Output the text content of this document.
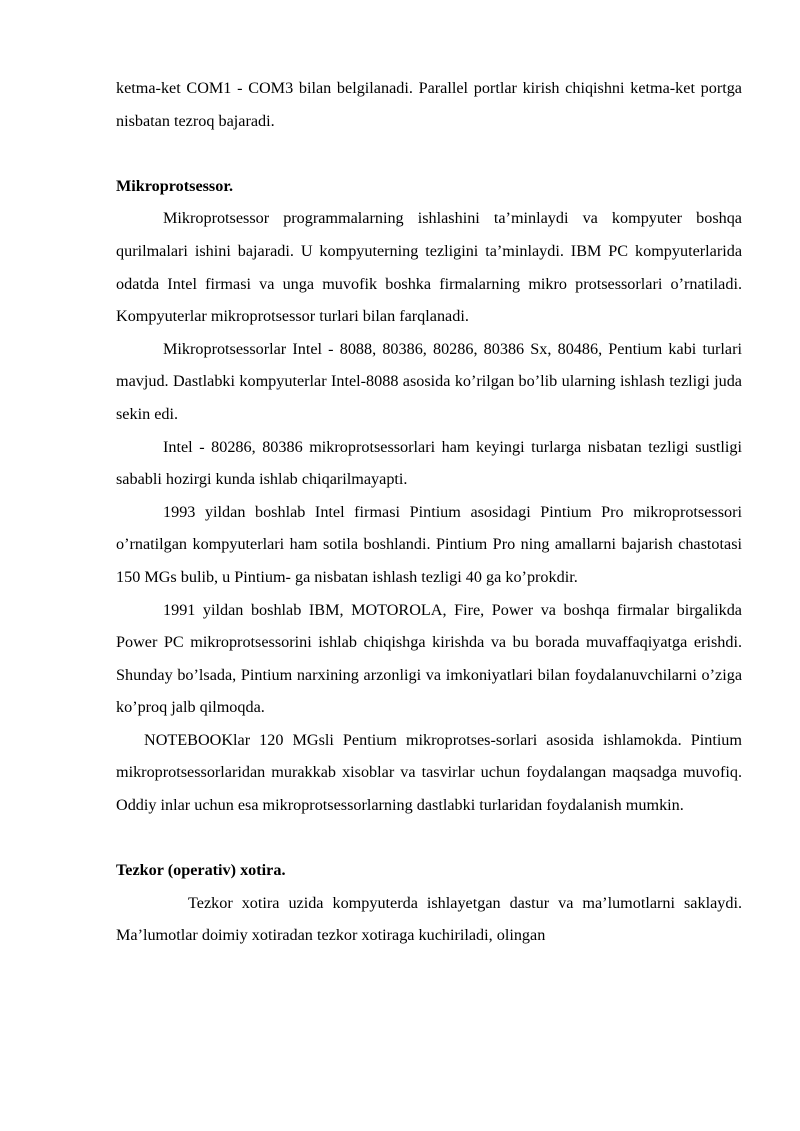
ketma-ket COM1 - COM3 bilan belgilanadi. Parallel portlar kirish chiqishni ketma-ket portga nisbatan tezroq bajaradi.

Mikroprotsessor.

Mikroprotsessor programmalarning ishlashini ta’minlaydi va kompyuter boshqa qurilmalari ishini bajaradi. U kompyuterning tezligini ta’minlaydi. IBM PC kompyuterlarida odatda Intel firmasi va unga muvofik boshka firmalarning mikro protsessorlari o’rnatiladi. Kompyuterlar mikroprotsessor turlari bilan farqlanadi.

Mikroprotsessorlar Intel - 8088, 80386, 80286, 80386 Sx, 80486, Pentium kabi turlari mavjud. Dastlabki kompyuterlar Intel-8088 asosida ko’rilgan bo’lib ularning ishlash tezligi juda sekin edi.

Intel - 80286, 80386 mikroprotsessorlari ham keyingi turlarga nisbatan tezligi sustligi sababli hozirgi kunda ishlab chiqarilmayapti.

1993 yildan boshlab Intel firmasi Pintium asosidagi Pintium Pro mikroprotsessori o’rnatilgan kompyuterlari ham sotila boshlandi. Pintium Pro ning amallarni bajarish chastotasi 150 MGs bulib, u Pintium- ga nisbatan ishlash tezligi 40 ga ko’prokdir.

1991 yildan boshlab IBM, MOTOROLA, Fire, Power va boshqa firmalar birgalikda Power PC mikroprotsessorini ishlab chiqishga kirishda va bu borada muvaffaqiyatga erishdi. Shunday bo’lsada, Pintium narxining arzonligi va imkoniyatlari bilan foydalanuvchilarni o’ziga ko’proq jalb qilmoqda.

NOTEBOOKlar 120 MGsli Pentium mikroprotses-sorlari asosida ishlamokda. Pintium mikroprotsessorlaridan murakkab xisoblar va tasvirlar uchun foydalangan maqsadga muvofiq. Oddiy inlar uchun esa mikroprotsessorlarning dastlabki turlaridan foydalanish mumkin.

Tezkor (operativ) xotira.

Tezkor xotira uzida kompyuterda ishlayetgan dastur va ma’lumotlarni saklaydi. Ma’lumotlar doimiy xotiradan tezkor xotiraga kuchiriladi, olingan
